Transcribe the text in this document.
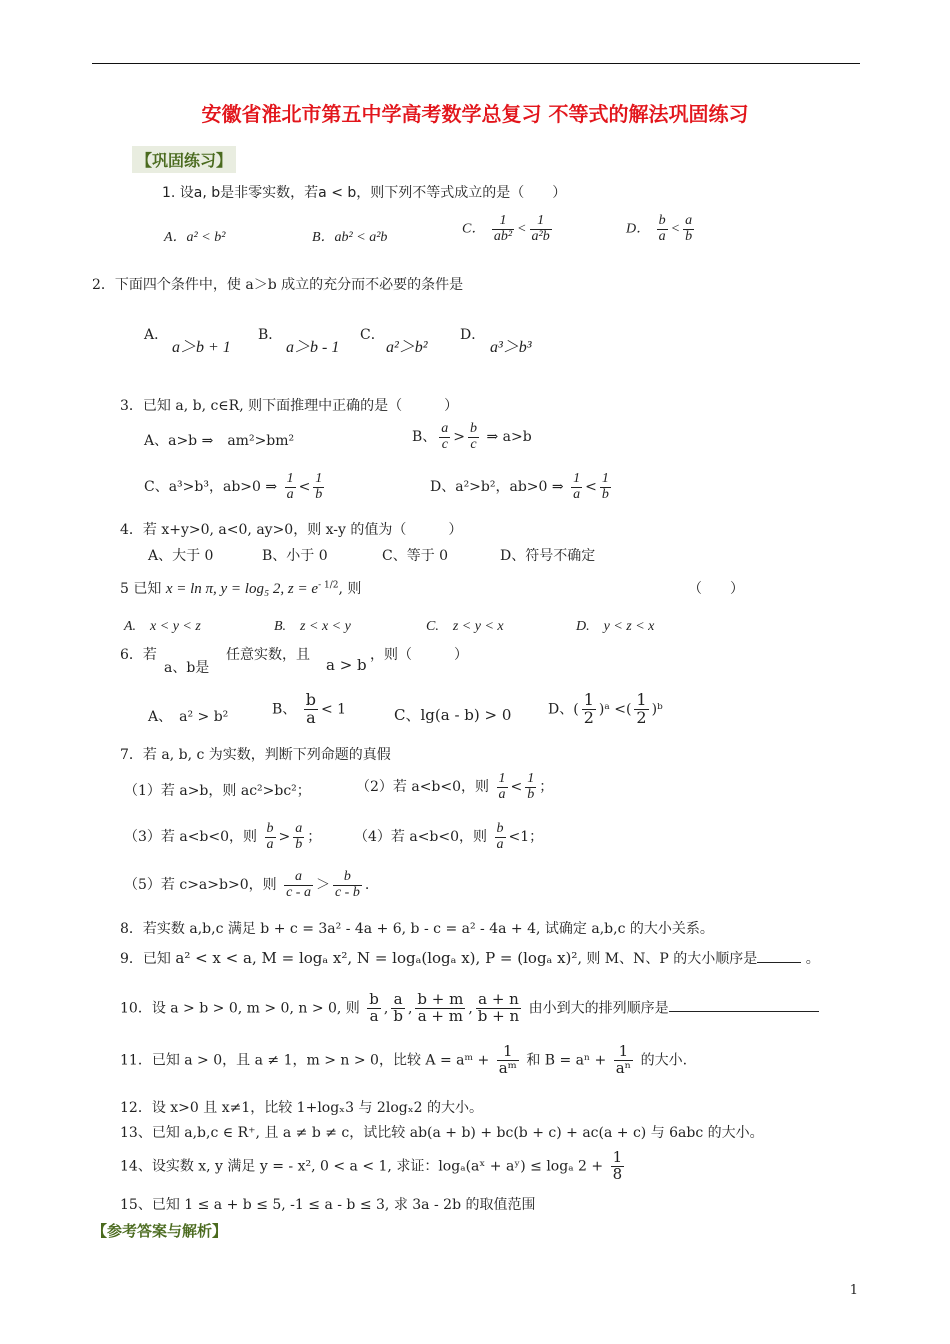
安徽省淮北市第五中学高考数学总复习 不等式的解法巩固练习
【巩固练习】
1. 设a, b是非零实数，若a < b，则下列不等式成立的是（　　）
A．a² < b²	B．ab² < a²b
C． $\frac{1}{\text{ab²}} < \frac{1}{\text{a²b}}$	D． $\frac{b}{a} < \frac{a}{b}$
2．下面四个条件中，使 a＞b 成立的充分而不必要的条件是
A．
a＞b + 1
B．
a＞b - 1
C．
a²＞b²
D．
a³＞b³
3．已知 a, b, c∈R, 则下面推理中正确的是（　　　）
A、a>b ⇒　am²>bm²	B、 $\frac{a}{c} > \frac{b}{c}$ ⇒ a>b
C、a³>b³，ab>0 ⇒ $\frac{1}{a} < \frac{1}{b}$	D、a²>b²，ab>0 ⇒ $\frac{1}{a} < \frac{1}{b}$
4．若 x+y>0, a<0, ay>0，则 x-y 的值为（　　　）
A、大于 0	B、小于 0	C、等于 0	D、符号不确定
5 已知 x = ln π, y = log₅ 2, $z = e^{- 1/2}$, 则	（　　）
A.　x < y < z	B.　z < x < y	C.　z < y < x	D.　y < z < x
6．若
a、b是
任意实数，且
a > b
，则（　　　）
A、　a² > b²	B、 $\frac{b}{a} < 1$	C、lg(a - b) > 0	D、( $\frac{1}{2}$ )ᵃ <( $\frac{1}{2}$ )ᵇ
7．若 a, b, c 为实数，判断下列命题的真假
（1）若 a>b，则 ac²>bc²；	（2）若 a<b<0，则 $\frac{1}{a} < \frac{1}{b}$ ；
（3）若 a<b<0，则 $\frac{b}{a} > \frac{a}{b}$ ； （4）若 a<b<0，则 $\frac{b}{a} <1$；
（5）若 c>a>b>0，则 $\frac{a}{c - a} > \frac{b}{c - b}$ .
8．若实数 a,b,c 满足 b + c = 3a² - 4a + 6, b - c = a² - 4a + 4, 试确定 a,b,c 的大小关系。
9．已知 a² < x < a, M = logₐ x², N = logₐ(logₐ x), P = (logₐ x)², 则 M、N、P 的大小顺序是	。
10．设 a > b > 0, m > 0, n > 0, 则 $\frac{b}{a}$ , $\frac{a}{b}$ , $\frac{b + m}{a + m}$ , $\frac{a + n}{b + n}$ 由小到大的排列顺序是
11．已知 a > 0，且 a ≠ 1，m > n > 0，比较 A = aᵐ + $\frac{1}{\text{aᵐ}}$ 和 $B = a^n + \frac{1}{\text{aⁿ}}$ 的大小.
12．设 x>0 且 x≠1，比较 1+logₓ3 与 2logₓ2 的大小。
13、已知 a,b,c ∈ R⁺, 且 a ≠ b ≠ c，试比较 ab(a + b) + bc(b + c) + ac(a + c) 与 6abc 的大小。
14、设实数 x, y 满足 y = - x², 0 < a < 1, 求证：logₐ(aˣ + aʸ) ≤ logₐ $2 + \frac{1}{8}$
15、已知 1 ≤ a + b ≤ 5, -1 ≤ a - b ≤ 3, 求 3a - 2b 的取值范围
【参考答案与解析】
1
